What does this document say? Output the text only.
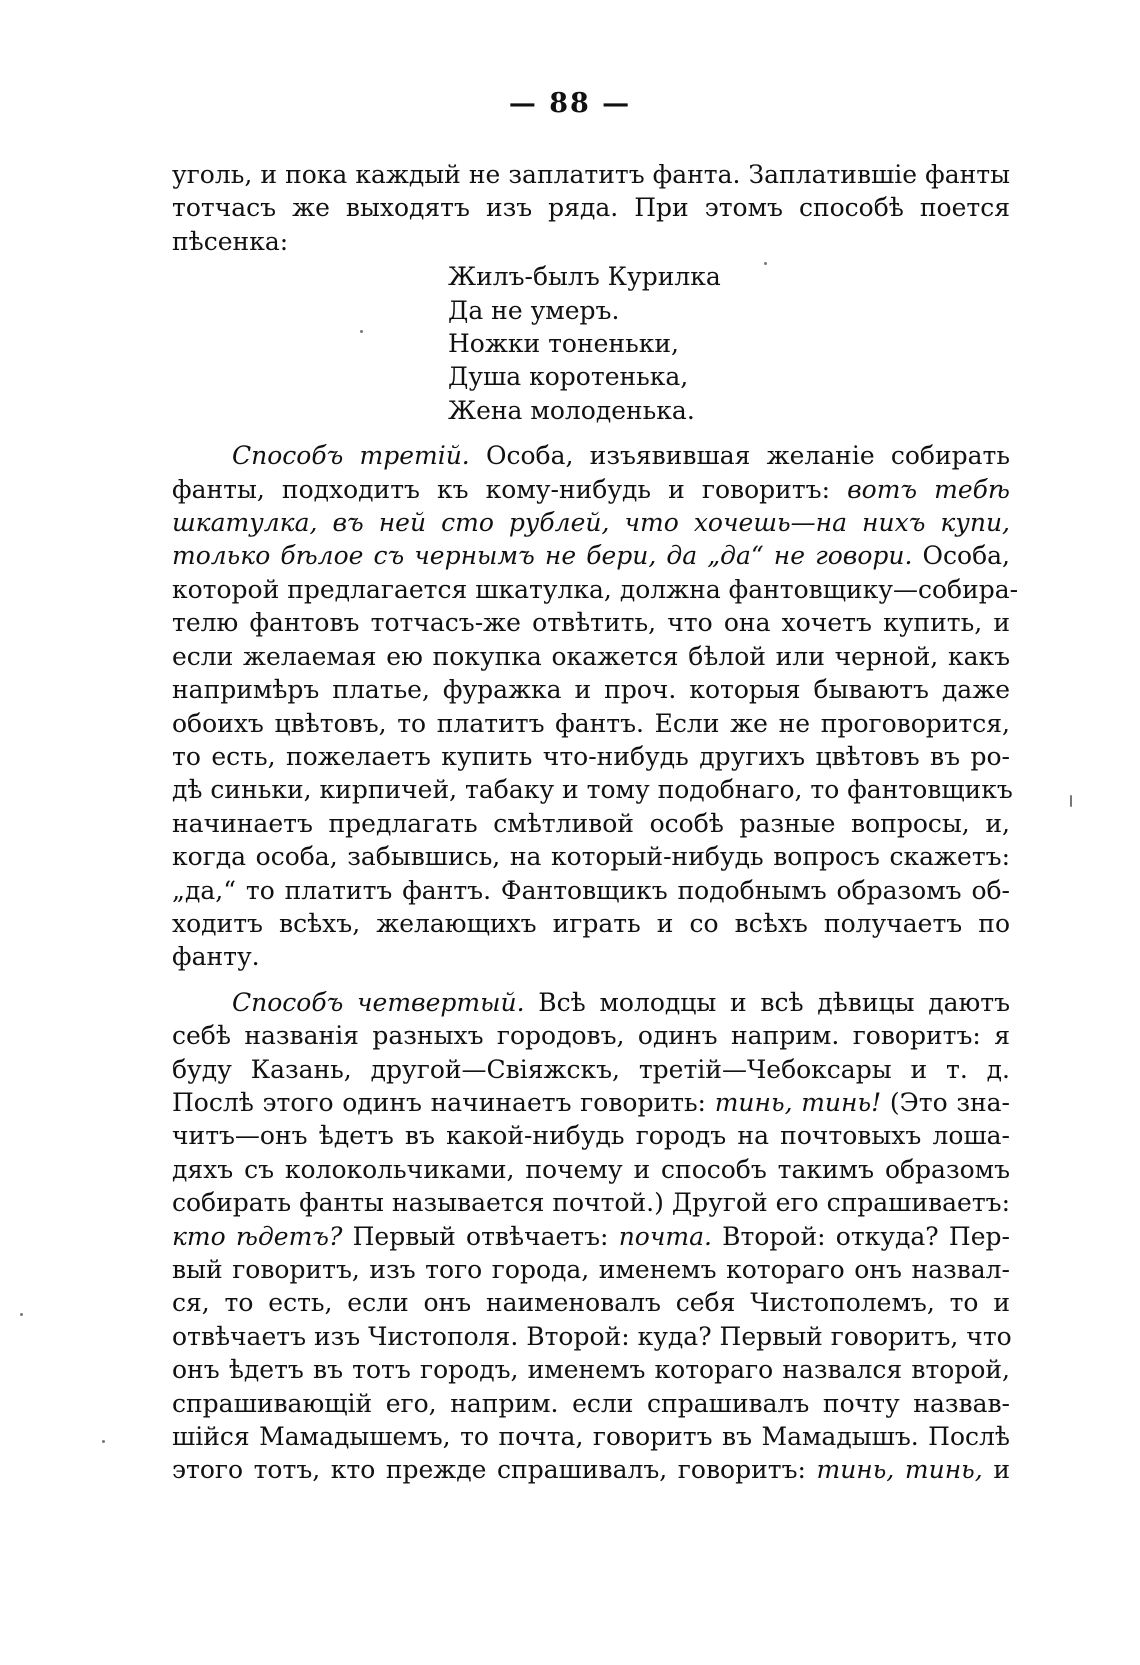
— 88 —

уголь, и пока каждый не заплатитъ фанта. Заплатившіе фанты
тотчасъ же выходятъ изъ ряда. При этомъ способѣ поется
пѣсенка:

Жилъ-былъ Курилка
Да не умеръ.
Ножки тоненьки,
Душа коротенька,
Жена молоденька.

Способъ третій. Особа, изъявившая желаніе собирать
фанты, подходитъ къ кому-нибудь и говоритъ: вотъ тебѣ
шкатулка, въ ней сто рублей, что хочешь—на нихъ купи,
только бѣлое съ чернымъ не бери, да „да“ не говори. Особа,
которой предлагается шкатулка, должна фантовщику—собира-
телю фантовъ тотчасъ-же отвѣтить, что она хочетъ купить, и
если желаемая ею покупка окажется бѣлой или черной, какъ
напримѣръ платье, фуражка и проч. которыя бываютъ даже
обоихъ цвѣтовъ, то платитъ фантъ. Если же не проговорится,
то есть, пожелаетъ купить что-нибудь другихъ цвѣтовъ въ ро-
дѣ синьки, кирпичей, табаку и тому подобнаго, то фантовщикъ
начинаетъ предлагать смѣтливой особѣ разные вопросы, и,
когда особа, забывшись, на который-нибудь вопросъ скажетъ:
„да,“ то платитъ фантъ. Фантовщикъ подобнымъ образомъ об-
ходитъ всѣхъ, желающихъ играть и со всѣхъ получаетъ по
фанту.

Способъ четвертый. Всѣ молодцы и всѣ дѣвицы даютъ
себѣ названія разныхъ городовъ, одинъ наприм. говоритъ: я
буду Казань, другой—Свіяжскъ, третій—Чебоксары и т. д.
Послѣ этого одинъ начинаетъ говорить: тинь, тинь! (Это зна-
читъ—онъ ѣдетъ въ какой-нибудь городъ на почтовыхъ лоша-
дяхъ съ колокольчиками, почему и способъ такимъ образомъ
собирать фанты называется почтой.) Другой его спрашиваетъ:
кто ѣдетъ? Первый отвѣчаетъ: почта. Второй: откуда? Пер-
вый говоритъ, изъ того города, именемъ котораго онъ назвал-
ся, то есть, если онъ наименовалъ себя Чистополемъ, то и
отвѣчаетъ изъ Чистополя. Второй: куда? Первый говоритъ, что
онъ ѣдетъ въ тотъ городъ, именемъ котораго назвался второй,
спрашивающій его, наприм. если спрашивалъ почту назвав-
шійся Мамадышемъ, то почта, говоритъ въ Мамадышъ. Послѣ
этого тотъ, кто прежде спрашивалъ, говоритъ: тинь, тинь, и
